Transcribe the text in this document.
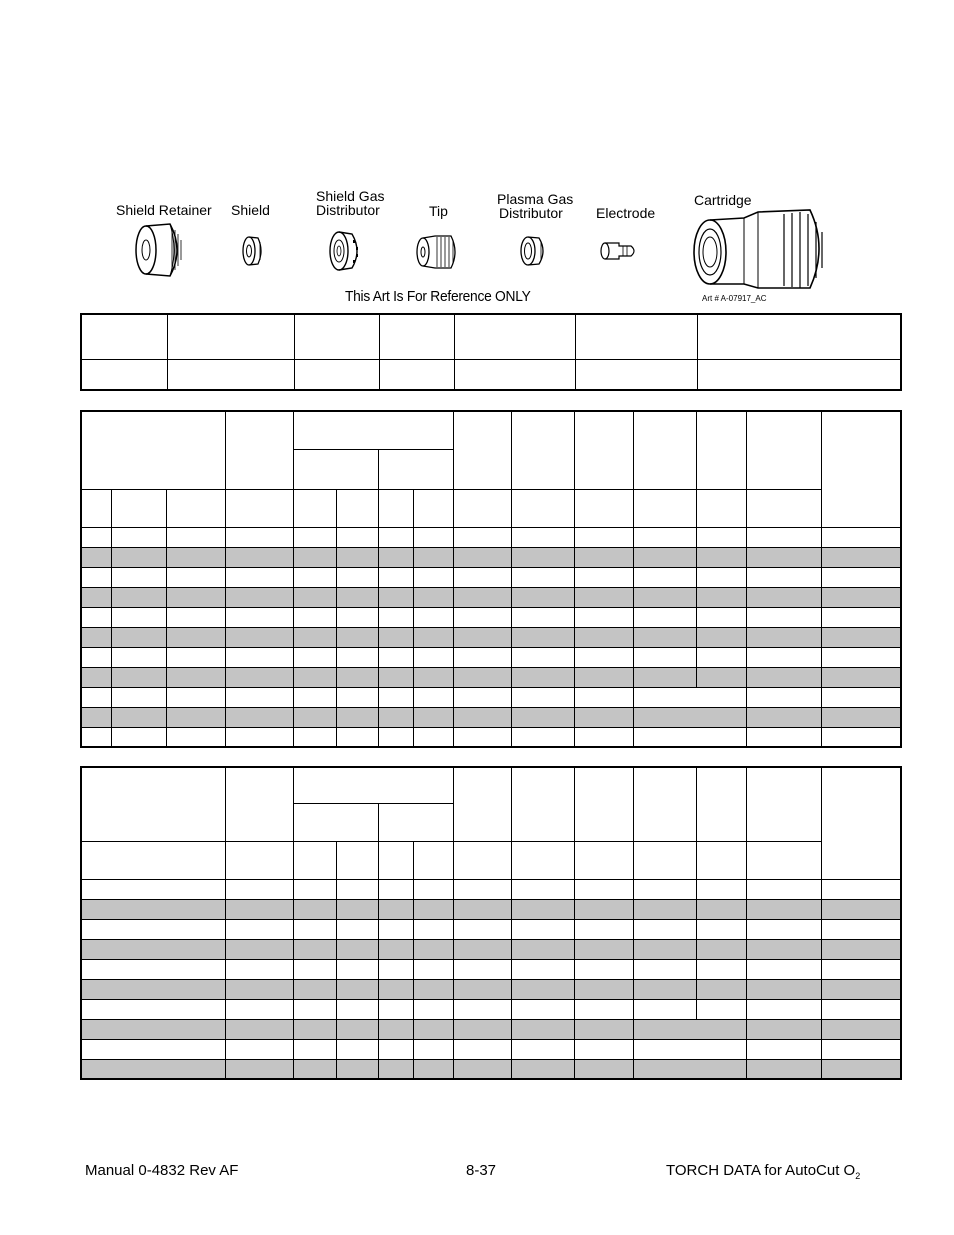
Shield Retainer Shield
Shield Gas
Distributor	Tip
Plasma Gas
Distributor Electrode
Cartridge
This Art Is For Reference ONLY	Art # A-07917_AC

Manual 0-4832 Rev AF	8-37	TORCH DATA for AutoCut $O_2$
